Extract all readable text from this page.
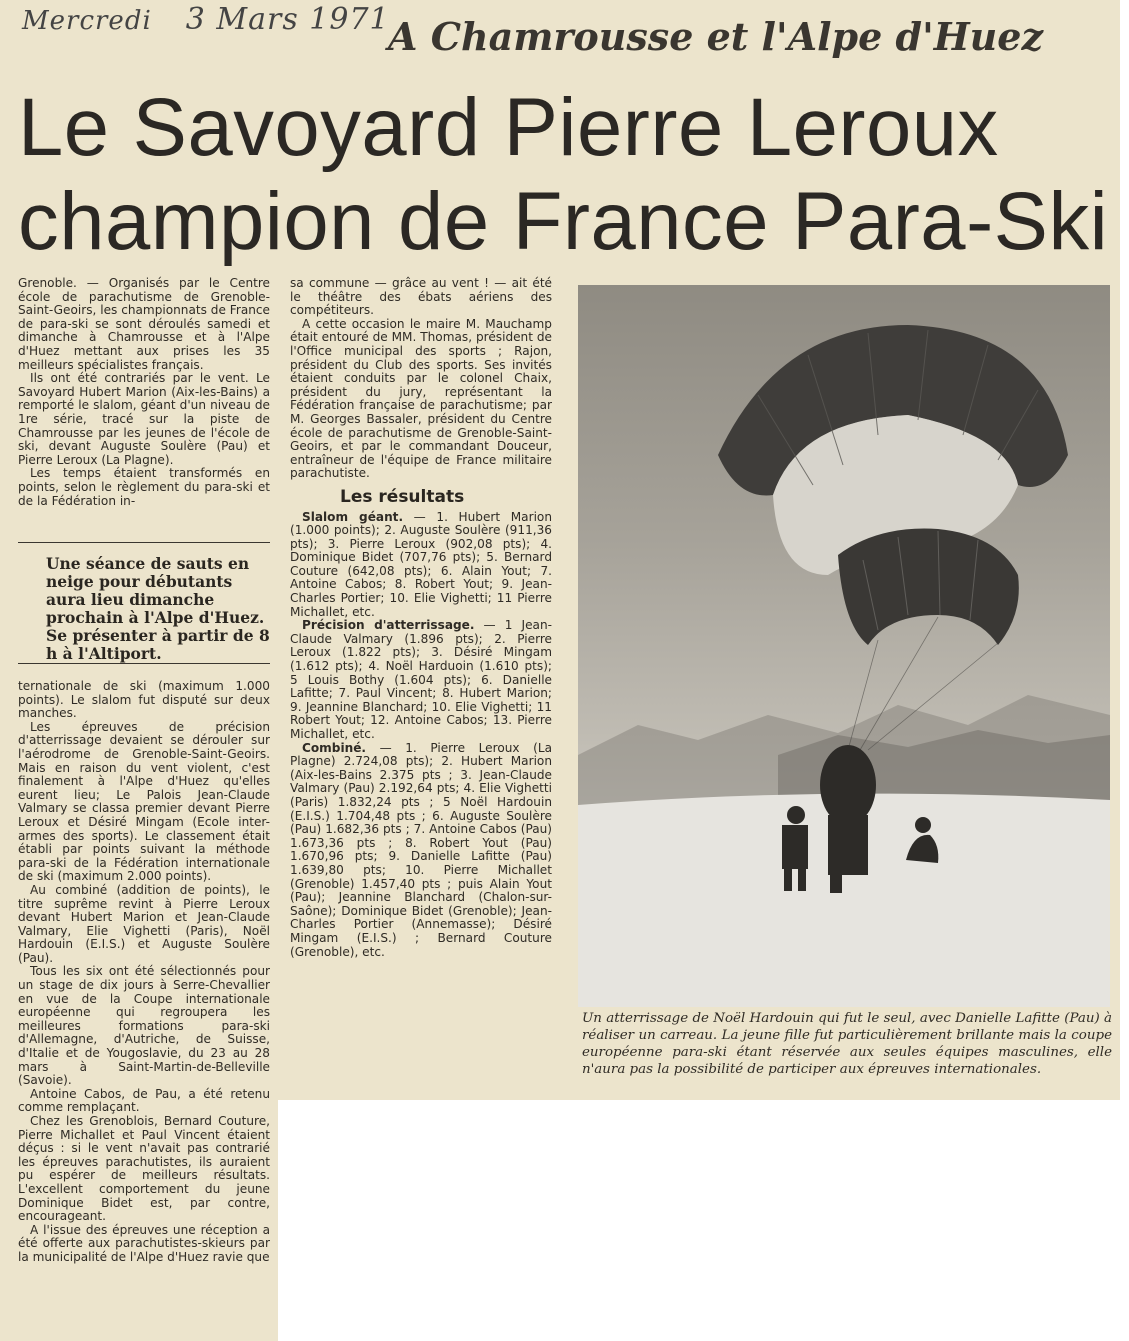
Mercredi 3 Mars 1971
A Chamrousse et l'Alpe d'Huez
Le Savoyard Pierre Leroux
champion de France Para-Ski

Grenoble. — Organisés par le Centre école de parachutisme de Grenoble-Saint-Geoirs, les championnats de France de para-ski se sont déroulés samedi et dimanche à Chamrousse et à l'Alpe d'Huez mettant aux prises les 35 meilleurs spécialistes français.

Ils ont été contrariés par le vent. Le Savoyard Hubert Marion (Aix-les-Bains) a remporté le slalom, géant d'un niveau de 1re série, tracé sur la piste de Chamrousse par les jeunes de l'école de ski, devant Auguste Soulère (Pau) et Pierre Leroux (La Plagne).

Les temps étaient transformés en points, selon le règlement du para-ski et de la Fédération in-

Une séance de sauts en neige pour débutants aura lieu dimanche prochain à l'Alpe d'Huez. Se présenter à partir de 8 h à l'Altiport.

ternationale de ski (maximum 1.000 points). Le slalom fut disputé sur deux manches.

Les épreuves de précision d'atterrissage devaient se dérouler sur l'aérodrome de Grenoble-Saint-Geoirs. Mais en raison du vent violent, c'est finalement à l'Alpe d'Huez qu'elles eurent lieu; Le Palois Jean-Claude Valmary se classa premier devant Pierre Leroux et Désiré Mingam (Ecole inter-armes des sports). Le classement était établi par points suivant la méthode para-ski de la Fédération internationale de ski (maximum 2.000 points).

Au combiné (addition de points), le titre suprême revint à Pierre Leroux devant Hubert Marion et Jean-Claude Valmary, Elie Vighetti (Paris), Noël Hardouin (E.I.S.) et Auguste Soulère (Pau).

Tous les six ont été sélectionnés pour un stage de dix jours à Serre-Chevallier en vue de la Coupe internationale européenne qui regroupera les meilleures formations para-ski d'Allemagne, d'Autriche, de Suisse, d'Italie et de Yougoslavie, du 23 au 28 mars à Saint-Martin-de-Belleville (Savoie).

Antoine Cabos, de Pau, a été retenu comme remplaçant.

Chez les Grenoblois, Bernard Couture, Pierre Michallet et Paul Vincent étaient déçus : si le vent n'avait pas contrarié les épreuves parachutistes, ils auraient pu espérer de meilleurs résultats. L'excellent comportement du jeune Dominique Bidet est, par contre, encourageant.

A l'issue des épreuves une réception a été offerte aux parachutistes-skieurs par la municipalité de l'Alpe d'Huez ravie que

sa commune — grâce au vent ! — ait été le théâtre des ébats aériens des compétiteurs.

A cette occasion le maire M. Mauchamp était entouré de MM. Thomas, président de l'Office municipal des sports ; Rajon, président du Club des sports. Ses invités étaient conduits par le colonel Chaix, président du jury, représentant la Fédération française de parachutisme; par M. Georges Bassaler, président du Centre école de parachutisme de Grenoble-Saint-Geoirs, et par le commandant Douceur, entraîneur de l'équipe de France militaire parachutiste.

Les résultats

Slalom géant. — 1. Hubert Marion (1.000 points); 2. Auguste Soulère (911,36 pts); 3. Pierre Leroux (902,08 pts); 4. Dominique Bidet (707,76 pts); 5. Bernard Couture (642,08 pts); 6. Alain Yout; 7. Antoine Cabos; 8. Robert Yout; 9. Jean-Charles Portier; 10. Elie Vighetti; 11 Pierre Michallet, etc.

Précision d'atterrissage. — 1 Jean-Claude Valmary (1.896 pts); 2. Pierre Leroux (1.822 pts); 3. Désiré Mingam (1.612 pts); 4. Noël Harduoin (1.610 pts); 5 Louis Bothy (1.604 pts); 6. Danielle Lafitte; 7. Paul Vincent; 8. Hubert Marion; 9. Jeannine Blanchard; 10. Elie Vighetti; 11 Robert Yout; 12. Antoine Cabos; 13. Pierre Michallet, etc.

Combiné. — 1. Pierre Leroux (La Plagne) 2.724,08 pts); 2. Hubert Marion (Aix-les-Bains 2.375 pts ; 3. Jean-Claude Valmary (Pau) 2.192,64 pts; 4. Elie Vighetti (Paris) 1.832,24 pts ; 5 Noël Hardouin (E.I.S.) 1.704,48 pts ; 6. Auguste Soulère (Pau) 1.682,36 pts ; 7. Antoine Cabos (Pau) 1.673,36 pts ; 8. Robert Yout (Pau) 1.670,96 pts; 9. Danielle Lafitte (Pau) 1.639,80 pts; 10. Pierre Michallet (Grenoble) 1.457,40 pts ; puis Alain Yout (Pau); Jeannine Blanchard (Chalon-sur-Saône); Dominique Bidet (Grenoble); Jean-Charles Portier (Annemasse); Désiré Mingam (E.I.S.) ; Bernard Couture (Grenoble), etc.

Un atterrissage de Noël Hardouin qui fut le seul, avec Danielle Lafitte (Pau) à réaliser un carreau. La jeune fille fut particulièrement brillante mais la coupe européenne para-ski étant réservée aux seules équipes masculines, elle n'aura pas la possibilité de participer aux épreuves internationales.
